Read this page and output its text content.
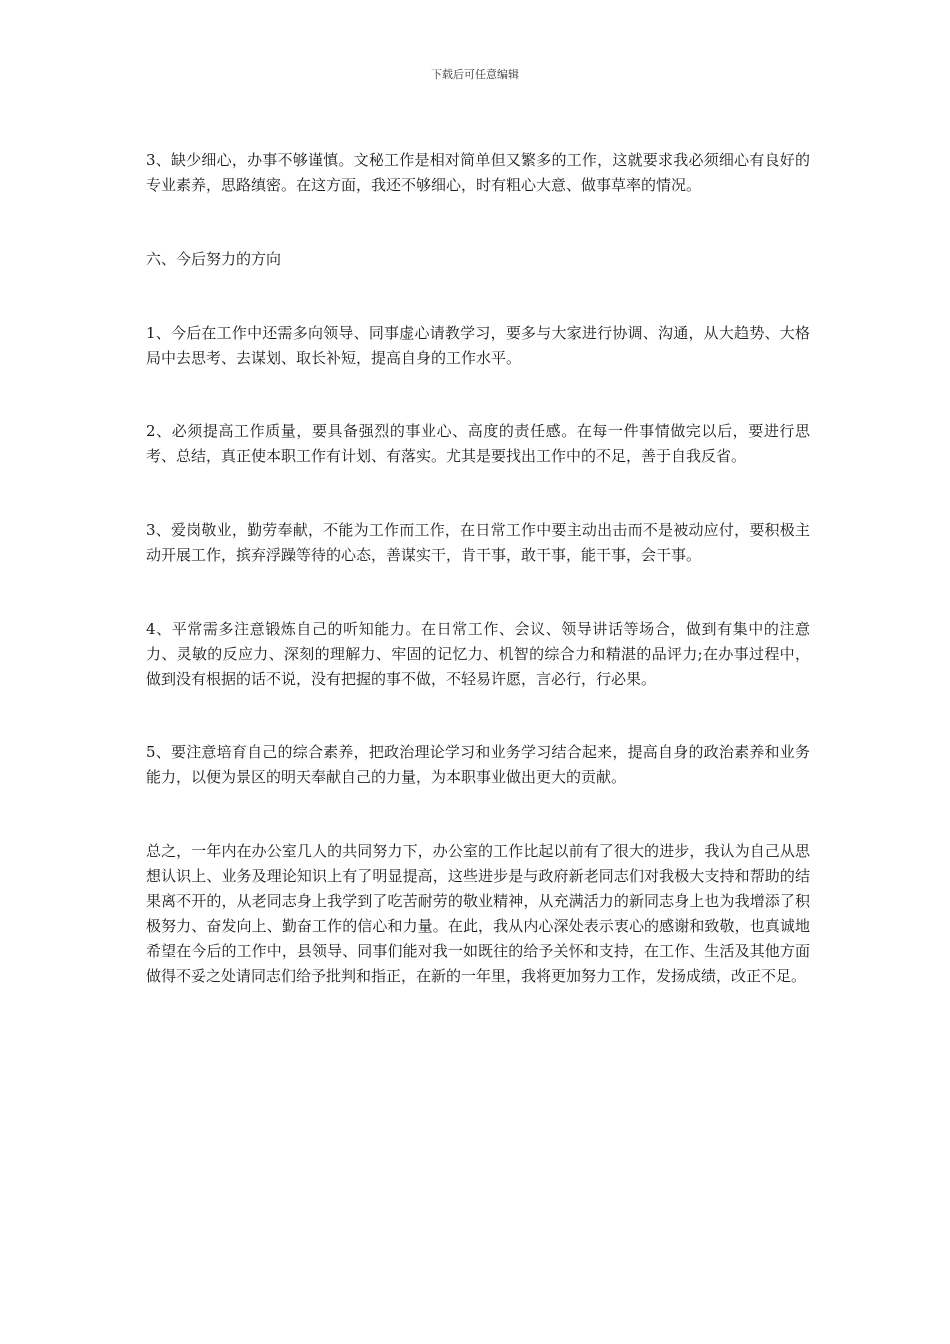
下载后可任意编辑

3、缺少细心，办事不够谨慎。文秘工作是相对简单但又繁多的工作，这就要求我必须细心有良好的专业素养，思路缜密。在这方面，我还不够细心，时有粗心大意、做事草率的情况。

六、今后努力的方向

1、今后在工作中还需多向领导、同事虚心请教学习，要多与大家进行协调、沟通，从大趋势、大格局中去思考、去谋划、取长补短，提高自身的工作水平。

2、必须提高工作质量，要具备强烈的事业心、高度的责任感。在每一件事情做完以后，要进行思考、总结，真正使本职工作有计划、有落实。尤其是要找出工作中的不足，善于自我反省。

3、爱岗敬业，勤劳奉献，不能为工作而工作，在日常工作中要主动出击而不是被动应付，要积极主动开展工作，摈弃浮躁等待的心态，善谋实干，肯干事，敢干事，能干事，会干事。

4、平常需多注意锻炼自己的听知能力。在日常工作、会议、领导讲话等场合，做到有集中的注意力、灵敏的反应力、深刻的理解力、牢固的记忆力、机智的综合力和精湛的品评力;在办事过程中，做到没有根据的话不说，没有把握的事不做，不轻易许愿，言必行，行必果。

5、要注意培育自己的综合素养，把政治理论学习和业务学习结合起来，提高自身的政治素养和业务能力，以便为景区的明天奉献自己的力量，为本职事业做出更大的贡献。

总之，一年内在办公室几人的共同努力下，办公室的工作比起以前有了很大的进步，我认为自己从思想认识上、业务及理论知识上有了明显提高，这些进步是与政府新老同志们对我极大支持和帮助的结果离不开的，从老同志身上我学到了吃苦耐劳的敬业精神，从充满活力的新同志身上也为我增添了积极努力、奋发向上、勤奋工作的信心和力量。在此，我从内心深处表示衷心的感谢和致敬，也真诚地希望在今后的工作中，县领导、同事们能对我一如既往的给予关怀和支持，在工作、生活及其他方面做得不妥之处请同志们给予批判和指正，在新的一年里，我将更加努力工作，发扬成绩，改正不足。
